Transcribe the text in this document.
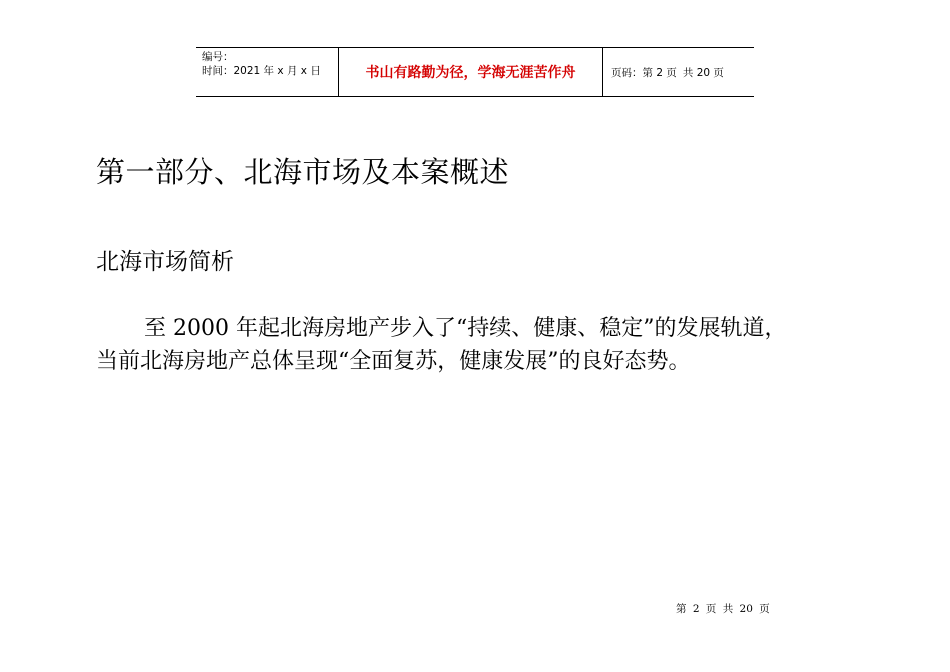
编号：
时间：2021 年 x 月 x 日	书山有路勤为径，学海无涯苦作舟	页码：第 2 页 共 20 页
第一部分、北海市场及本案概述
北海市场简析
至 2000 年起北海房地产步入了“持续、健康、稳定”的发展轨道，
当前北海房地产总体呈现“全面复苏，健康发展”的良好态势。
第 2 页 共 20 页
